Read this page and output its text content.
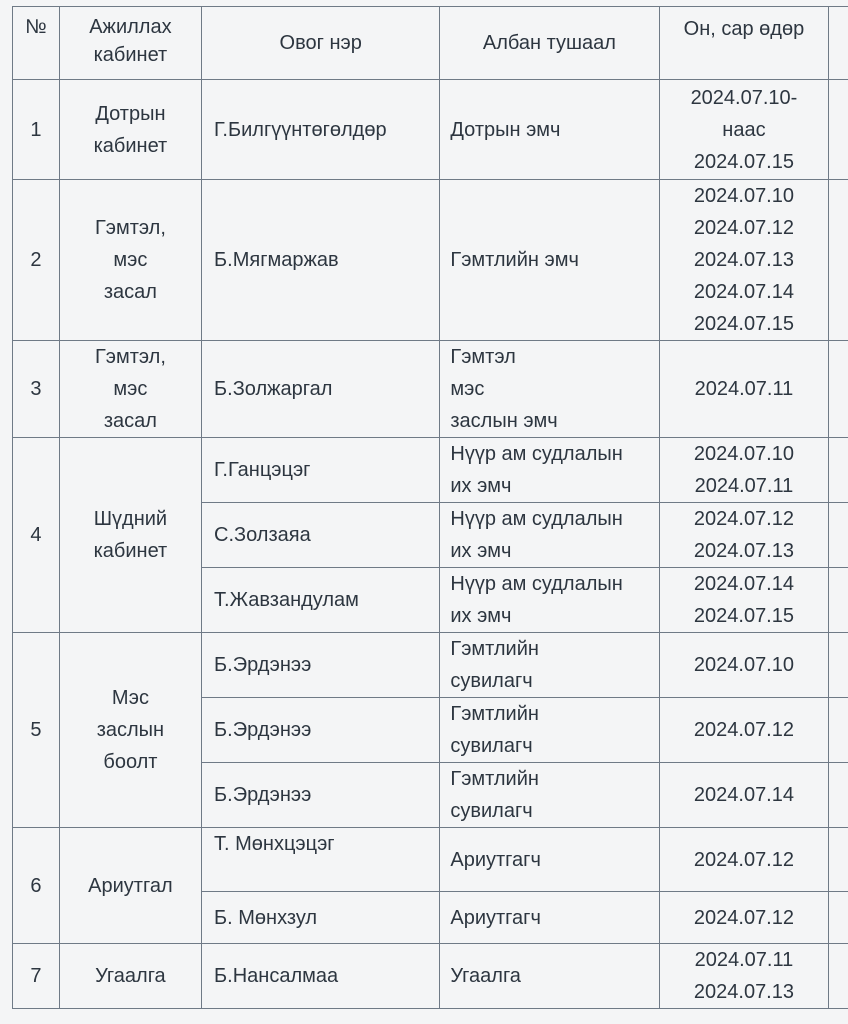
№	Ажиллах кабинет	Овог нэр	Албан тушаал	Он, сар өдөр	

1	Дотрын
кабинет	Г.Билгүүнтөгөлдөр	Дотрын эмч	2024.07.10-
наас
2024.07.15	

2	Гэмтэл,
мэс
засал	Б.Мягмаржав	Гэмтлийн эмч	2024.07.10
2024.07.12
2024.07.13
2024.07.14
2024.07.15	

3	Гэмтэл,
мэс
засал	Б.Золжаргал	Гэмтэл мэс
заслын эмч	2024.07.11	

4	Шүдний
кабинет	Г.Ганцэцэг	Нүүр ам судлалын
их эмч	2024.07.10
2024.07.11	

		С.Золзаяа	Нүүр ам судлалын
их эмч	2024.07.12
2024.07.13	

		Т.Жавзандулам	Нүүр ам судлалын
их эмч	2024.07.14
2024.07.15	

5	Мэс
заслын
боолт	Б.Эрдэнээ	Гэмтлийн
сувилагч	2024.07.10	

		Б.Эрдэнээ	Гэмтлийн
сувилагч	2024.07.12	

		Б.Эрдэнээ	Гэмтлийн
сувилагч	2024.07.14	

6	Ариутгал	Т. Мөнхцэцэг	Ариутгагч	2024.07.12	

		Б. Мөнхзул	Ариутгагч	2024.07.12	

7	Угаалга	Б.Нансалмаа	Угаалга	2024.07.11
2024.07.13	
